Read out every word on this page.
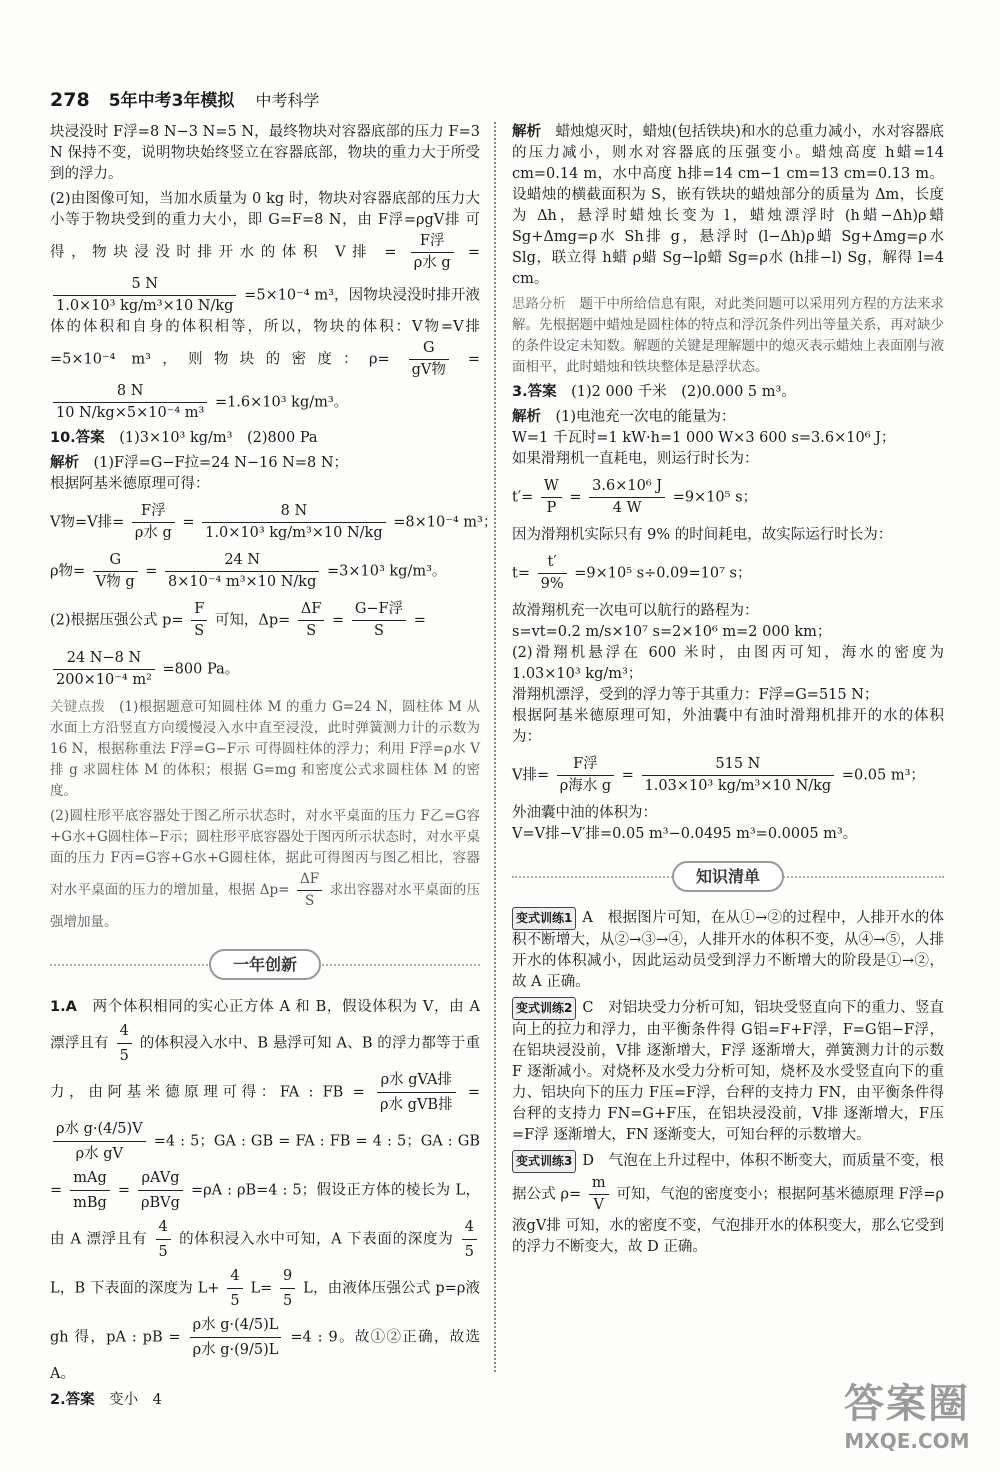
278 5年中考3年模拟 中考科学

块浸没时 F浮=8 N−3 N=5 N，最终物块对容器底部的压力 F=3 N 保持不变，说明物块始终竖立在容器底部，物块的重力大于所受到的浮力。

(2)由图像可知，当加水质量为 0 kg 时，物块对容器底部的压力大小等于物块受到的重力大小，即 G=F=8 N，由 F浮=ρgV排 可得，物块浸没时排开水的体积 V排 = $\frac{\text{F浮}}{\text{ρ水 g}}$ =
$\frac{5 N}{\text{1.0×10³ kg/m³×10 N/kg}} =5\times 10^{-4}$ m³，因物块浸没时排开液体的体积和自身的体积相等，所以，物块的体积：V物=V排=5×10⁻⁴ m³，则物块的密度：$\rho= \frac{G}{\text{gV物}}$ =
$\frac{8 N}{\text{10 N/kg×5×10⁻⁴ m³}} =1.6\times 10^3$ kg/m³。

10.答案　 (1)3×10³ kg/m³　(2)800 Pa

解析　 (1)F浮=G−F拉=24 N−16 N=8 N；
根据阿基米德原理可得：

V物=V排= $\frac{\text{F浮}}{\text{ρ水 g}} = \frac{8 N}{\text{1.0×10³ kg/m³×10 N/kg}} =8\times 10^{-4}$ m³；
ρ物= $\frac{G}{\text{V物 g}} = \frac{24 N}{\text{8×10⁻⁴ m³×10 N/kg}} =3\times 10^3$ kg/m³。
(2)根据压强公式 $p= \frac{F}{S}$ 可知，$\Delta p= \frac{\Delta F}{S} = \frac{\text{G−F浮}}{S}$ =
$\frac{24 N-8 N}{\text{200×10⁻⁴ m²}} =800$ Pa。

关键点拨　 (1)根据题意可知圆柱体 M 的重力 G=24 N，圆柱体 M 从水面上方沿竖直方向缓慢浸入水中直至浸没，此时弹簧测力计的示数为 16 N，根据称重法 F浮=G−F示 可得圆柱体的浮力；利用 F浮=ρ水 V排 g 求圆柱体 M 的体积；根据 G=mg 和密度公式求圆柱体 M 的密度。

(2)圆柱形平底容器处于图乙所示状态时，对水平桌面的压力 F乙=G容+G水+G圆柱体−F示；圆柱形平底容器处于图丙所示状态时，对水平桌面的压力 F丙=G容+G水+G圆柱体，据此可得图丙与图乙相比，容器对水平桌面的压力的增加量，根据 $\Delta p= \frac{\Delta F}{S}$ 求出容器对水平桌面的压强增加量。

一年创新

1.A　 两个体积相同的实心正方体 A 和 B，假设体积为 V，由 A 漂浮且有 $\frac{4}{5}$ 的体积浸入水中、B 悬浮可知 A、B 的浮力都等于重力，由阿基米德原理可得：FA : FB = $\frac{\text{ρ水 gVA排}}{\text{ρ水 gVB排}}$ =
$\frac{\text{ρ水 g·(4/5)V}}{\text{ρ水 gV}} =4$ : 5；GA : GB = FA : FB = 4 : 5；GA : GB = $\frac{\text{mAg}}{\text{mBg}} = \frac{\text{ρAVg}}{\text{ρBVg}} =\rho A$ : ρB=4 : 5；假设正方体的棱长为 L，由 A 漂浮且有 $\frac{4}{5}$ 的体积浸入水中可知，A 下表面的深度为 $\frac{4}{5}$
L，B 下表面的深度为 $L+ \frac{4}{5} L= \frac{9}{5}$ L，由液体压强公式 p=ρ液gh 得，pA : pB = $\frac{\text{ρ水 g·(4/5)L}}{\text{ρ水 g·(9/5)L}} =4$ : 9。故①②正确，故选 A。

2.答案　 变小　4

解析　 蜡烛熄灭时，蜡烛(包括铁块)和水的总重力减小，水对容器底的压力减小，则水对容器底的压强变小。蜡烛高度 h蜡=14 cm=0.14 m，水中高度 h排=14 cm−1 cm=13 cm=0.13 m。设蜡烛的横截面积为 S，嵌有铁块的蜡烛部分的质量为 Δm，长度为 Δh，悬浮时蜡烛长变为 l，蜡烛漂浮时 (h蜡−Δh)ρ蜡 Sg+Δmg=ρ水 Sh排 g，悬浮时 (l−Δh)ρ蜡 Sg+Δmg=ρ水 Slg，联立得 h蜡 ρ蜡 Sg−lρ蜡 Sg=ρ水 (h排−l) Sg，解得 l=4 cm。

思路分析　 题干中所给信息有限，对此类问题可以采用列方程的方法来求解。先根据题中蜡烛是圆柱体的特点和浮沉条件列出等量关系，再对缺少的条件设定未知数。解题的关键是理解题中的熄灭表示蜡烛上表面刚与液面相平，此时蜡烛和铁块整体是悬浮状态。

3.答案　 (1)2 000 千米　(2)0.000 5 m³。

解析　 (1)电池充一次电的能量为：
W=1 千瓦时=1 kW·h=1 000 W×3 600 s=3.6×10⁶ J；
如果滑翔机一直耗电，则运行时长为：

$t'= \frac{W}{P} = \frac{\text{3.6×10⁶ J}}{4 W} =9\times 10^5$ s；

因为滑翔机实际只有 9% 的时间耗电，故实际运行时长为：

$t= \frac{t'}{9\%} =9\times 10^5$ s÷0.09=10⁷ s；

故滑翔机充一次电可以航行的路程为：
s=vt=0.2 m/s×10⁷ s=2×10⁶ m=2 000 km；
(2)滑翔机悬浮在 600 米时，由图丙可知，海水的密度为 1.03×10³ kg/m³；
滑翔机漂浮，受到的浮力等于其重力：F浮=G=515 N；
根据阿基米德原理可知，外油囊中有油时滑翔机排开的水的体积为：

V排= $\frac{\text{F浮}}{\text{ρ海水 g}} = \frac{515 N}{\text{1.03×10³ kg/m³×10 N/kg}} =0.05$ m³；

外油囊中油的体积为：
V=V排−V′排=0.05 m³−0.0495 m³=0.0005 m³。

知识清单

变式训练1 A　根据图片可知，在从①→②的过程中，人排开水的体积不断增大，从②→③→④，人排开水的体积不变，从④→⑤，人排开水的体积减小，因此运动员受到浮力不断增大的阶段是①→②，故 A 正确。

变式训练2 C　对铝块受力分析可知，铝块受竖直向下的重力、竖直向上的拉力和浮力，由平衡条件得 G铝=F+F浮，F=G铝−F浮，在铝块浸没前，V排 逐渐增大，F浮 逐渐增大，弹簧测力计的示数 F 逐渐减小。对烧杯及水受力分析可知，烧杯及水受竖直向下的重力、铝块向下的压力 F压=F浮，台秤的支持力 FN，由平衡条件得台秤的支持力 FN=G+F压，在铝块浸没前，V排 逐渐增大，F压=F浮 逐渐增大，FN 逐渐变大，可知台秤的示数增大。

变式训练3 D　气泡在上升过程中，体积不断变大，而质量不变，根据公式 $\rho= \frac{m}{V}$ 可知，气泡的密度变小；根据阿基米德原理 F浮=ρ液gV排 可知，水的密度不变，气泡排开水的体积变大，那么它受到的浮力不断变大，故 D 正确。

答案圈
MXQE.COM
